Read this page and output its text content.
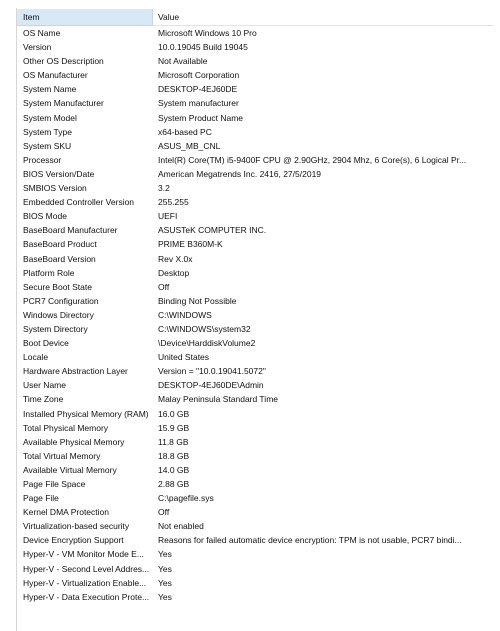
Item	Value
OS Name	Microsoft Windows 10 Pro
Version	10.0.19045 Build 19045
Other OS Description	Not Available
OS Manufacturer	Microsoft Corporation
System Name	DESKTOP-4EJ60DE
System Manufacturer	System manufacturer
System Model	System Product Name
System Type	x64-based PC
System SKU	ASUS_MB_CNL
Processor	Intel(R) Core(TM) i5-9400F CPU @ 2.90GHz, 2904 Mhz, 6 Core(s), 6 Logical Pr...
BIOS Version/Date	American Megatrends Inc. 2416, 27/5/2019
SMBIOS Version	3.2
Embedded Controller Version	255.255
BIOS Mode	UEFI
BaseBoard Manufacturer	ASUSTeK COMPUTER INC.
BaseBoard Product	PRIME B360M-K
BaseBoard Version	Rev X.0x
Platform Role	Desktop
Secure Boot State	Off
PCR7 Configuration	Binding Not Possible
Windows Directory	C:\WINDOWS
System Directory	C:\WINDOWS\system32
Boot Device	\Device\HarddiskVolume2
Locale	United States
Hardware Abstraction Layer	Version = "10.0.19041.5072"
User Name	DESKTOP-4EJ60DE\Admin
Time Zone	Malay Peninsula Standard Time
Installed Physical Memory (RAM)	16.0 GB
Total Physical Memory	15.9 GB
Available Physical Memory	11.8 GB
Total Virtual Memory	18.8 GB
Available Virtual Memory	14.0 GB
Page File Space	2.88 GB
Page File	C:\pagefile.sys
Kernel DMA Protection	Off
Virtualization-based security	Not enabled
Device Encryption Support	Reasons for failed automatic device encryption: TPM is not usable, PCR7 bindi...
Hyper-V - VM Monitor Mode E...	Yes
Hyper-V - Second Level Addres...	Yes
Hyper-V - Virtualization Enable...	Yes
Hyper-V - Data Execution Prote...	Yes
